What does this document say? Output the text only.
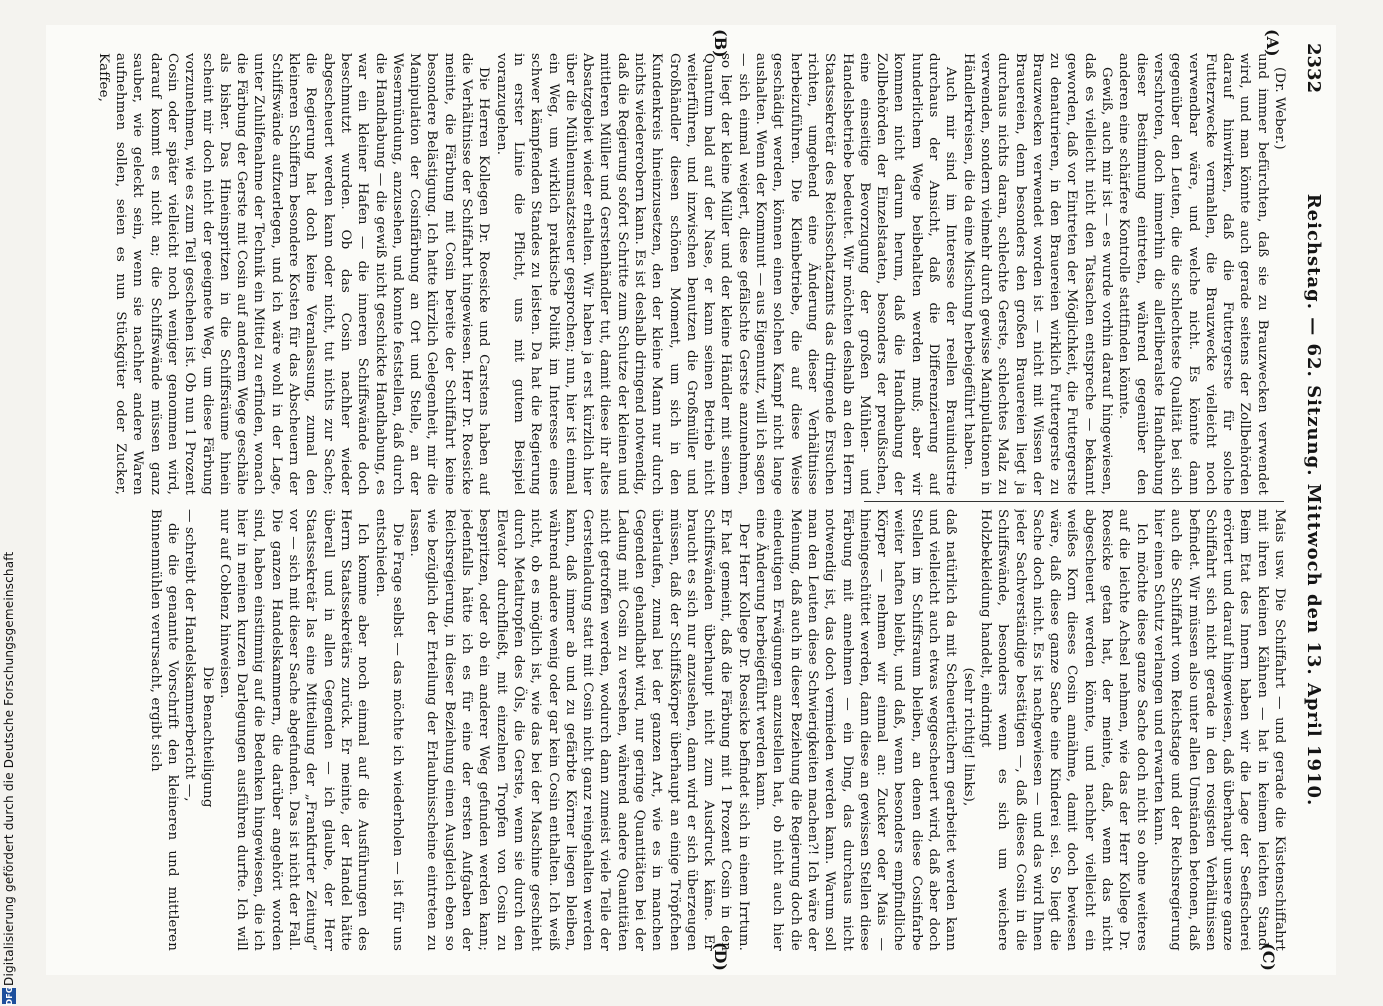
2332
Reichstag. — 62. Sitzung. Mittwoch den 13. April 1910.
(A)
(B)
(C)
(D)

(Dr. Weber.)

und immer befürchten, daß sie zu Brauzwecken verwendet wird, und man könnte auch gerade seitens der Zollbehörden darauf hinwirken, daß die Futtergerste für solche Futterzwecke vermahlen, die Brauzwecke vielleicht noch verwendbar wäre, und welche nicht. Es könnte dann gegenüber den Leuten, die die schlechteste Qualität bei sich verschroten, doch immerhin die allerliberalste Handhabung dieser Bestimmung eintreten, während gegenüber den anderen eine schärfere Kontrolle stattfinden könnte.

Gewiß, auch mir ist — es wurde vorhin darauf hingewiesen, daß es vielleicht nicht den Tatsachen entspreche — bekannt geworden, daß vor Eintreten der Möglichkeit, die Futtergerste zu denaturieren, in den Brauereien wirklich Futtergerste zu Brauzwecken verwendet worden ist — nicht mit Wissen der Brauereien, denn besonders den großen Brauereien liegt ja durchaus nichts daran, schlechte Gerste, schlechtes Malz zu verwenden, sondern vielmehr durch gewisse Manipulationen in Händlerkreisen, die da eine Mischung herbeigeführt haben.

Auch mir sind im Interesse der reellen Brauindustrie durchaus der Ansicht, daß die Differenzierung auf hunderlichem Wege beibehalten werden muß; aber wir kommen nicht darum herum, daß die Handhabung der Zollbehörden der Einzelstaaten, besonders der preußischen, eine einseitige Bevorzugung der großen Mühlen- und Handelsbetriebe bedeutet. Wir möchten deshalb an den Herrn Staatssekretär des Reichsschatzamts das dringende Ersuchen richten, umgehend eine Änderung dieser Verhältnisse herbeizuführen. Die Kleinbetriebe, die auf diese Weise geschädigt werden, können einen solchen Kampf nicht lange aushalten. Wenn der Kommunt — aus Eigennutz, will ich sagen — sich einmal weigert, diese gefälschte Gerste anzunehmen, so liegt der kleine Müller und der kleine Händler mit seinem Quantum bald auf der Nase, er kann seinen Betrieb nicht weiterführen, und inzwischen benutzen die Großmüller und Großhändler diesen schönen Moment, um sich in den Kundenkreis hineinzusetzen, den der kleine Mann nur durch nichts wiedererobern kann. Es ist deshalb dringend notwendig, daß die Regierung sofort Schritte zum Schutze der kleinen und mittleren Müller und Gerstenhändler tut, damit diese ihr altes Absatzgebiet wieder erhalten. Wir haben ja erst kürzlich hier über die Mühlenumsatzsteuer gesprochen; nun, hier ist einmal ein Weg, um wirklich praktische Politik im Interesse eines schwer kämpfenden Standes zu leisten. Da hat die Regierung in erster Linie die Pflicht, uns mit gutem Beispiel voranzugehen.

Die Herren Kollegen Dr. Roesicke und Carstens haben auf die Verhältnisse der Schiffahrt hingewiesen. Herr Dr. Roesicke meinte, die Färbung mit Cosin bereite der Schiffahrt keine besondere Belästigung. Ich hatte kürzlich Gelegenheit, mir die Manipulation der Cosinfärbung an Ort und Stelle, an der Wesermündung, anzusehen, und konnte feststellen, daß durch die Handhabung — die gewiß nicht geschickte Handhabung, es war ein kleiner Hafen — die inneren Schiffswände doch beschmutzt wurden. Ob das Cosin nachher wieder abgescheuert werden kann oder nicht, tut nichts zur Sache; die Regierung hat doch keine Veranlassung, zumal den kleineren Schiffern besondere Kosten für das Abscheuern der Schiffswände aufzuerlegen, und ich wäre wohl in der Lage, unter Zuhilfenahme der Technik ein Mittel zu erfinden, wonach die Färbung der Gerste mit Cosin auf anderem Wege geschähe als bisher. Das Hineinspritzen in die Schiffsräume hinein scheint mir doch nicht der geeignete Weg, um diese Färbung vorzunehmen, wie es zum Teil geschehen ist. Ob nun 1 Prozent Cosin oder später vielleicht noch weniger genommen wird, darauf kommt es nicht an; die Schiffswände müssen ganz sauber, wie geleckt sein, wenn sie nachher andere Waren aufnehmen sollen, seien es nun Stückgüter oder Zucker, Kaffee,

Mais usw. Die Schiffahrt — und gerade die Küstenschiffahrt mit ihren kleinen Kähnen — hat in keinem leichten Stand. Beim Etat des Innern haben wir die Lage der Seefischerei erörtert und darauf hingewiesen, daß überhaupt unsere ganze Schiffahrt sich nicht gerade in den rosigsten Verhältnissen befindet. Wir müssen also unter allen Umständen betonen, daß auch die Schiffahrt vom Reichstage und der Reichsregierung hier einen Schutz verlangen und erwarten kann.

Ich möchte diese ganze Sache doch nicht so ohne weiteres auf die leichte Achsel nehmen, wie das der Herr Kollege Dr. Roesicke getan hat, der meinte, daß, wenn das nicht abgescheuert werden könnte, und nachher vielleicht ein weißes Korn dieses Cosin annähme, damit doch bewiesen wäre, daß diese ganze Sache eine Kinderei sei. So liegt die Sache doch nicht. Es ist nachgewiesen — und das wird Ihnen jeder Sachverständige bestätigen —, daß dieses Cosin in die Schiffswände, besonders wenn es sich um weichere Holzbekleidung handelt, eindringt

(sehr richtig! links),

daß natürlich da mit Scheuertüchern gearbeitet werden kann und vielleicht auch etwas weggescheuert wird, daß aber doch Stellen im Schiffsraum bleiben, an denen diese Cosinfarbe weiter haften bleibt, und daß, wenn besonders empfindliche Körper — nehmen wir einmal an: Zucker oder Mais — hineingeschüttet werden, dann diese an gewissen Stellen diese Färbung mit annehmen — ein Ding, das durchaus nicht notwendig ist, das doch vermieden werden kann. Warum soll man den Leuten diese Schwierigkeiten machen?! Ich wäre der Meinung, daß auch in dieser Beziehung die Regierung doch die eindeutigen Erwägungen anzustellen hat, ob nicht auch hier eine Änderung herbeigeführt werden kann.

Der Herr Kollege Dr. Roesicke befindet sich in einem Irrtum. Er hat gemeint, daß die Färbung mit 1 Prozent Cosin in den Schiffswänden überhaupt nicht zum Ausdruck käme. Er braucht es sich nur anzusehen, dann wird er sich überzeugen müssen, daß der Schiffskörper überhaupt an einige Tröpfchen überlaufen, zumal bei der ganzen Art, wie es in manchen Gegenden gehandhabt wird, nur geringe Quantitäten bei der Ladung mit Cosin zu versehen, während andere Quantitäten nicht getroffen werden, wodurch dann zumeist viele Teile der Gerstenladung statt mit Cosin nicht ganz reingehalten werden kann, daß immer ab und zu gefärbte Körner liegen bleiben, während andere wenig oder gar kein Cosin enthalten. Ich weiß nicht, ob es möglich ist, wie das bei der Maschine geschieht durch Metaltropfen des Öls, die Gerste, wenn sie durch den Elevator durchfließt, mit einzelnen Tropfen von Cosin zu bespritzen, oder ob ein anderer Weg gefunden werden kann; jedenfalls hätte ich es für eine der ersten Aufgaben der Reichsregierung, in dieser Beziehung einen Ausgleich eben so wie bezüglich der Erteilung der Erlaubnisscheine eintreten zu lassen.

Die Frage selbst — das möchte ich wiederholen — ist für uns entschieden.

Ich komme aber noch einmal auf die Ausführungen des Herrn Staatssekretärs zurück. Er meinte, der Handel hätte überall und in allen Gegenden — ich glaube, der Herr Staatssekretär las eine Mitteilung der „Frankfurter Zeitung“ vor — sich mit dieser Sache abgefunden. Das ist nicht der Fall. Die ganzen Handelskammern, die darüber angehört worden sind, haben einstimmig auf die Bedenken hingewiesen, die ich hier in meinen kurzen Darlegungen ausführen durfte. Ich will nur auf Coblenz hinweisen.

Die Benachteiligung

— schreibt der Handelskammerbericht —,

die die genannte Vorschrift den kleineren und mittleren Binnenmühlen verursacht, ergibt sich

DFG
Digitalisierung gefördert durch die Deutsche Forschungsgemeinschaft
